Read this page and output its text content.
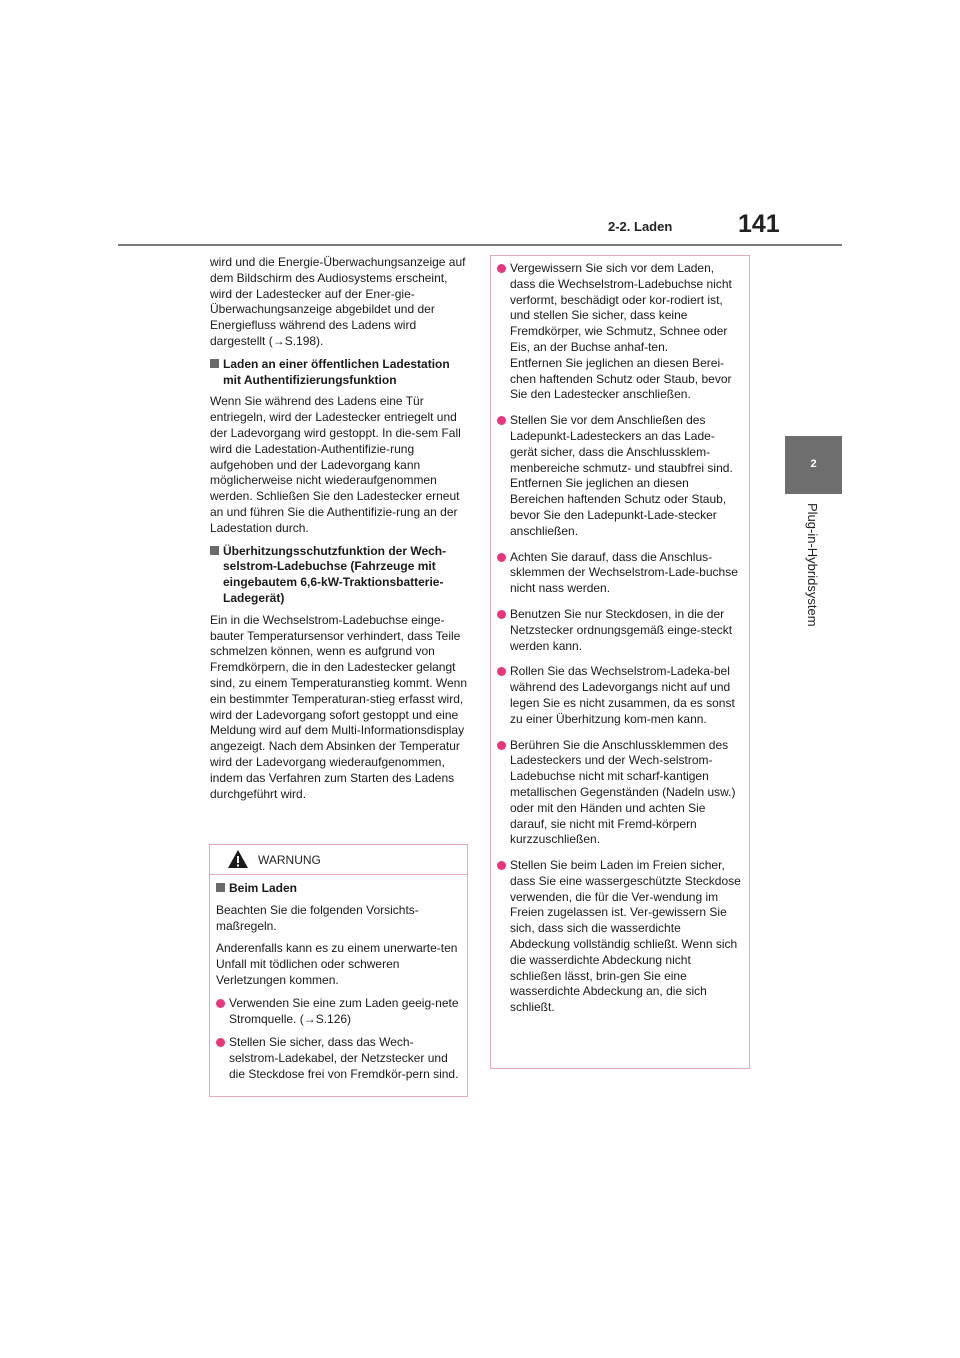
2-2. Laden	141
2
Plug-in-Hybridsystem

wird und die Energie-Überwachungsanzeige auf dem Bildschirm des Audiosystems erscheint, wird der Ladestecker auf der Ener-gie-Überwachungsanzeige abgebildet und der Energiefluss während des Ladens wird dargestellt (→S.198).

Laden an einer öffentlichen Ladestation mit Authentifizierungsfunktion

Wenn Sie während des Ladens eine Tür entriegeln, wird der Ladestecker entriegelt und der Ladevorgang wird gestoppt. In die-sem Fall wird die Ladestation-Authentifizie-rung aufgehoben und der Ladevorgang kann möglicherweise nicht wiederaufgenommen werden. Schließen Sie den Ladestecker erneut an und führen Sie die Authentifizie-rung an der Ladestation durch.

Überhitzungsschutzfunktion der Wech-selstrom-Ladebuchse (Fahrzeuge mit eingebautem 6,6-kW-Traktionsbatterie-Ladegerät)

Ein in die Wechselstrom-Ladebuchse einge-bauter Temperatursensor verhindert, dass Teile schmelzen können, wenn es aufgrund von Fremdkörpern, die in den Ladestecker gelangt sind, zu einem Temperaturanstieg kommt. Wenn ein bestimmter Temperaturan-stieg erfasst wird, wird der Ladevorgang sofort gestoppt und eine Meldung wird auf dem Multi-Informationsdisplay angezeigt. Nach dem Absinken der Temperatur wird der Ladevorgang wiederaufgenommen, indem das Verfahren zum Starten des Ladens durchgeführt wird.

WARNUNG
Beim Laden

Beachten Sie die folgenden Vorsichts-maßregeln.

Anderenfalls kann es zu einem unerwarte-ten Unfall mit tödlichen oder schweren Verletzungen kommen.

Verwenden Sie eine zum Laden geeig-nete Stromquelle. (→S.126)
Stellen Sie sicher, dass das Wech-selstrom-Ladekabel, der Netzstecker und die Steckdose frei von Fremdkör-pern sind.
Vergewissern Sie sich vor dem Laden, dass die Wechselstrom-Ladebuchse nicht verformt, beschädigt oder kor-rodiert ist, und stellen Sie sicher, dass keine Fremdkörper, wie Schmutz, Schnee oder Eis, an der Buchse anhaf-ten.
Entfernen Sie jeglichen an diesen Berei-chen haftenden Schutz oder Staub, bevor Sie den Ladestecker anschließen.
Stellen Sie vor dem Anschließen des Ladepunkt-Ladesteckers an das Lade-gerät sicher, dass die Anschlussklem-menbereiche schmutz- und staubfrei sind. Entfernen Sie jeglichen an diesen Bereichen haftenden Schutz oder Staub, bevor Sie den Ladepunkt-Lade-stecker anschließen.
Achten Sie darauf, dass die Anschlus-sklemmen der Wechselstrom-Lade-buchse nicht nass werden.
Benutzen Sie nur Steckdosen, in die der Netzstecker ordnungsgemäß einge-steckt werden kann.
Rollen Sie das Wechselstrom-Ladeka-bel während des Ladevorgangs nicht auf und legen Sie es nicht zusammen, da es sonst zu einer Überhitzung kom-men kann.
Berühren Sie die Anschlussklemmen des Ladesteckers und der Wech-selstrom-Ladebuchse nicht mit scharf-kantigen metallischen Gegenständen (Nadeln usw.) oder mit den Händen und achten Sie darauf, sie nicht mit Fremd-körpern kurzzuschließen.
Stellen Sie beim Laden im Freien sicher, dass Sie eine wassergeschützte Steckdose verwenden, die für die Ver-wendung im Freien zugelassen ist. Ver-gewissern Sie sich, dass sich die wasserdichte Abdeckung vollständig schließt. Wenn sich die wasserdichte Abdeckung nicht schließen lässt, brin-gen Sie eine wasserdichte Abdeckung an, die sich schließt.
